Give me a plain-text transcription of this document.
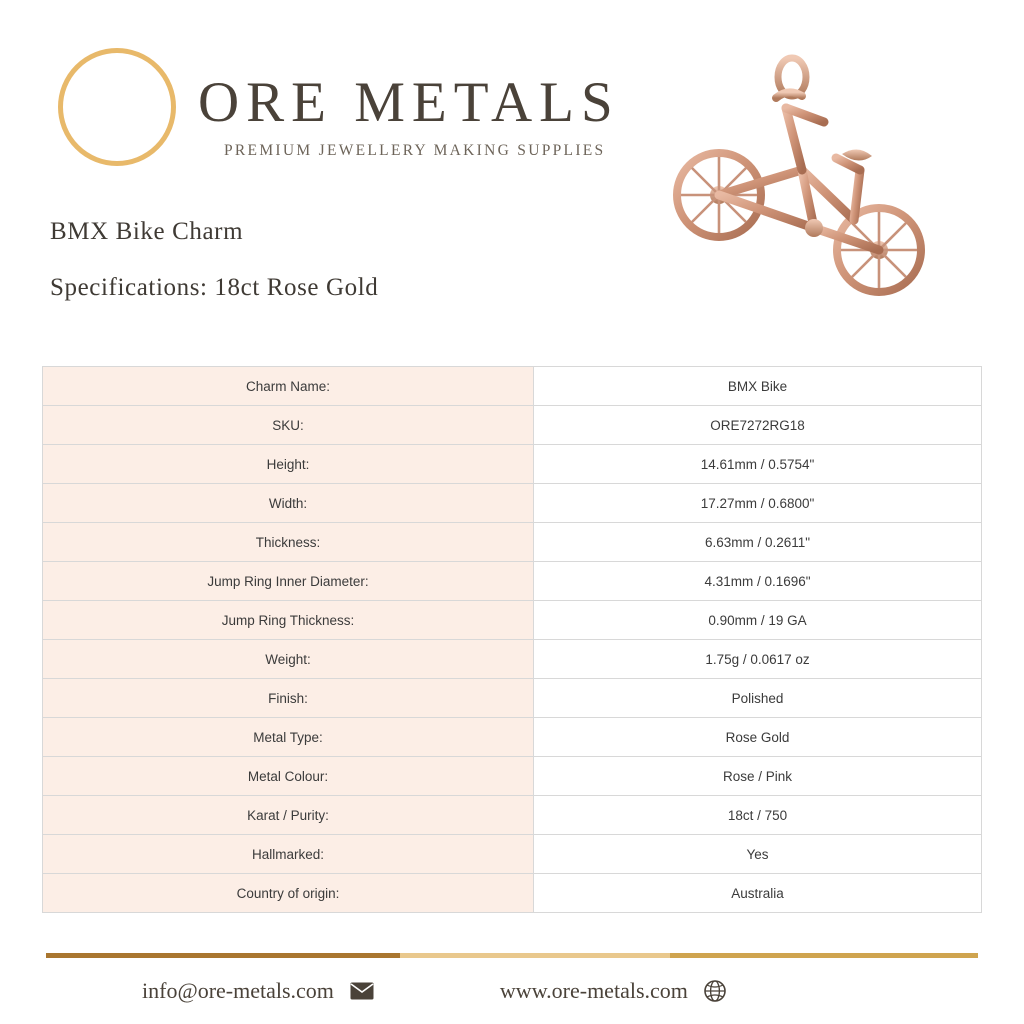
ORE METALS
PREMIUM JEWELLERY MAKING SUPPLIES
BMX Bike Charm
Specifications: 18ct Rose Gold
Charm Name:	BMX Bike
SKU:	ORE7272RG18
Height:	14.61mm / 0.5754"
Width:	17.27mm / 0.6800"
Thickness:	6.63mm / 0.2611"
Jump Ring Inner Diameter:	4.31mm / 0.1696"
Jump Ring Thickness:	0.90mm / 19 GA
Weight:	1.75g / 0.0617 oz
Finish:	Polished
Metal Type:	Rose Gold
Metal Colour:	Rose / Pink
Karat / Purity:	18ct / 750
Hallmarked:	Yes
Country of origin:	Australia
info@ore-metals.com	www.ore-metals.com
